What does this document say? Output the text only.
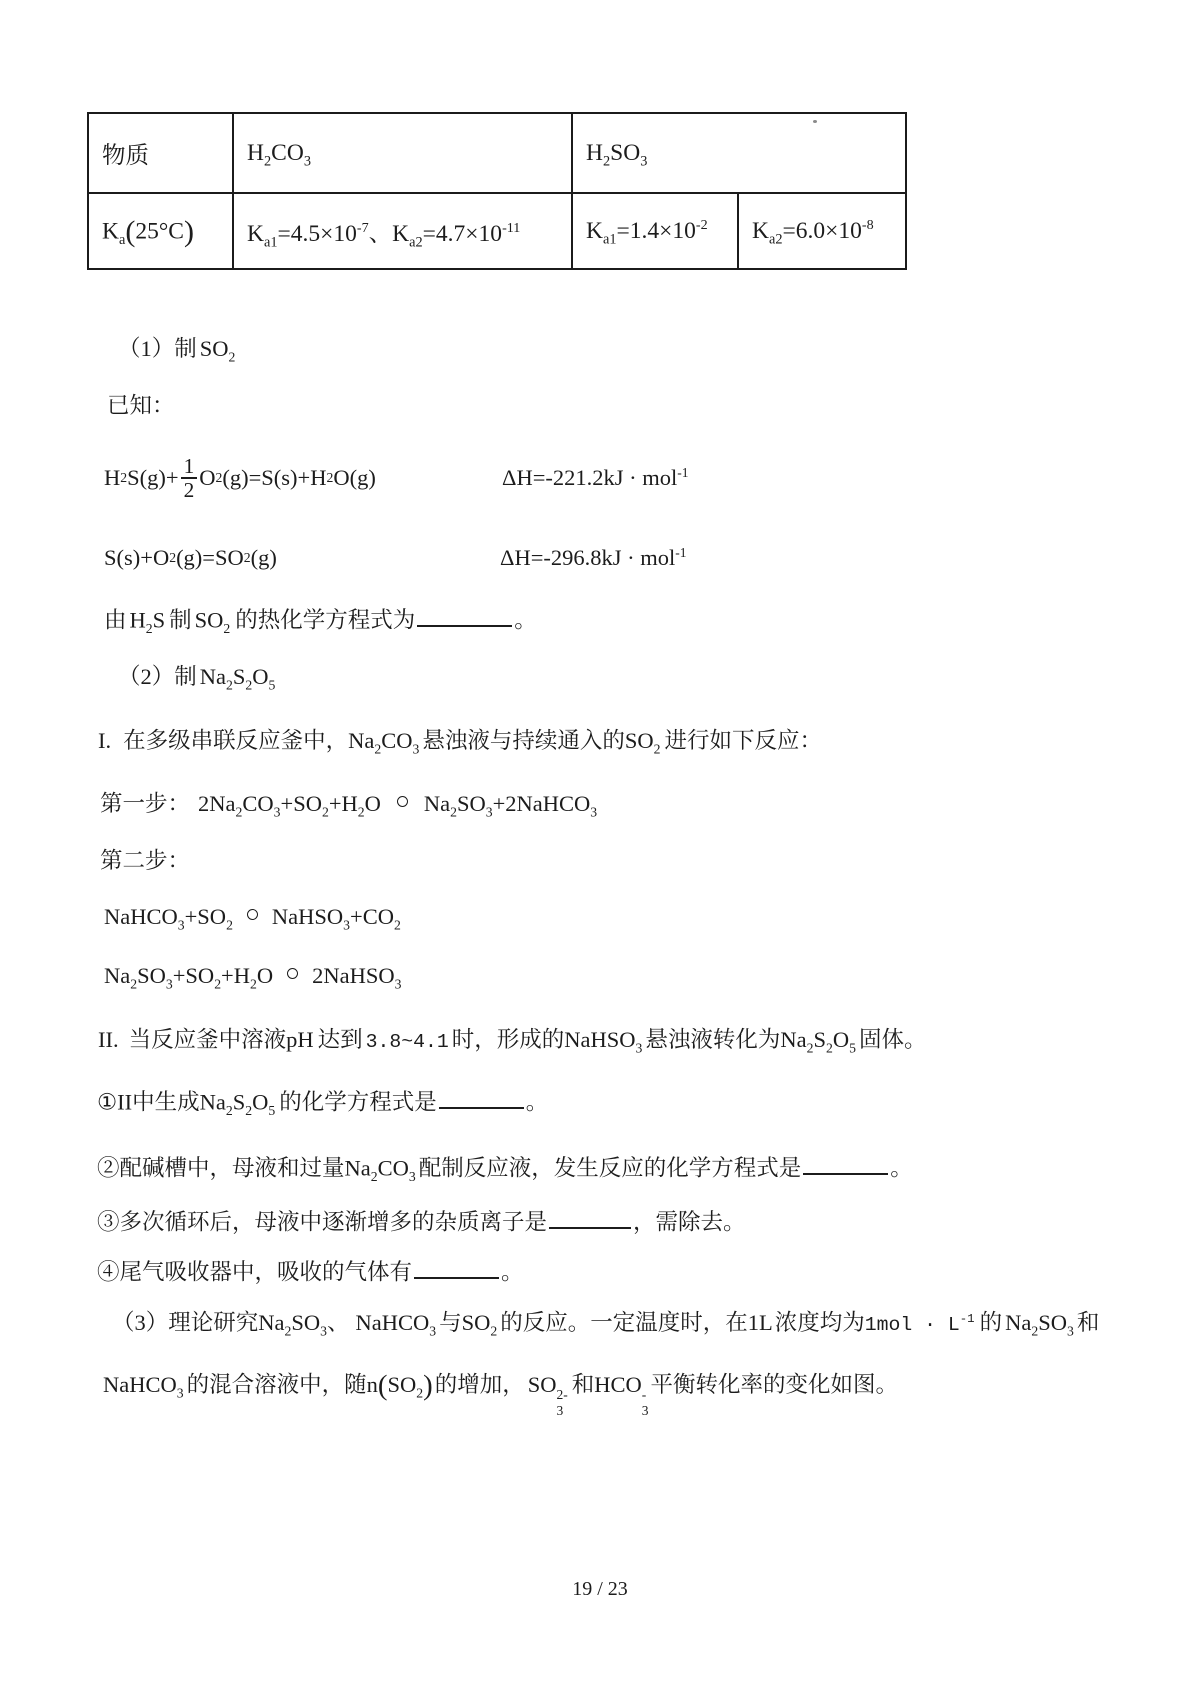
物质	$H_2CO_3$	$H_2SO_3$
$K_a(25^\circ C)$	$K_{a1}=4.5\times 10^{-7}$、$K_{a2}=4.7\times 10^{-11}$	$K_{a1}=1.4\times 10^{-2}$	$K_{a2}=6.0\times 10^{-8}$
（1）制 $SO_2$
已知：
H 2 $S(g)+ \frac{1}{2}$ O 2 (g)=S(s)+H 2 O(g)	ΔH=-221.2kJ · mol$^{-1}$
S(s)+O 2 (g)=SO 2 (g)	ΔH=-296.8kJ · mol$^{-1}$
由 $H_2S$ 制 $SO_2$ 的热化学方程式为	。
（2）制 $Na_2S_2O_5$
I. 在多级串联反应釜中，$Na_2CO_3$ 悬浊液与持续通入的$SO_2$ 进行如下反应：
第一步： $2Na_2CO_3+SO_2+H_2O$ $Na_2SO_3+2NaHCO_3$
第二步：
$NaHCO_3+SO_2$ $NaHSO_3+CO_2$
$Na_2SO_3+SO_2+H_2O$ 2NaHSO$_3$
II. 当反应釜中溶液pH 达到 3.8~4.1 时，形成的NaHSO$_3$ 悬浊液转化为$Na_2S_2O_5$ 固体。
①II中生成$Na_2S_2O_5$ 的化学方程式是	。
②配碱槽中，母液和过量$Na_2CO_3$ 配制反应液，发生反应的化学方程式是	。
③多次循环后，母液中逐渐增多的杂质离子是	，需除去。
④尾气吸收器中，吸收的气体有	。
（3）理论研究$Na_2SO_3$、 NaHCO$_3$ 与$SO_2$ 的反应。一定温度时，在1L浓度均为$1mol \cdot L^{-1}$ 的 $Na_2SO_3$ 和
NaHCO$_3$ 的混合溶液中，随$n(SO_2)$的增加， SO 2-
3
和HCO -
3
平衡转化率的变化如图。
19 / 23
